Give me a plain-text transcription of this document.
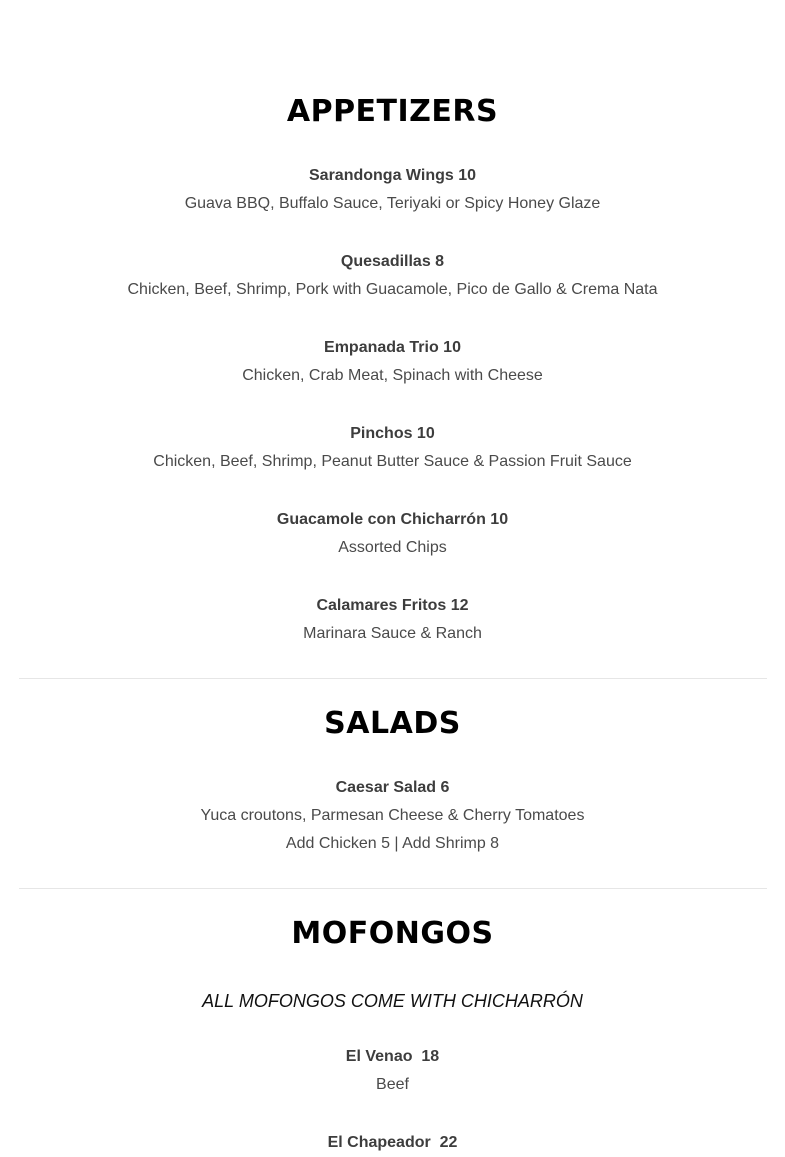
APPETIZERS
Sarandonga Wings 10
Guava BBQ, Buffalo Sauce, Teriyaki or Spicy Honey Glaze
Quesadillas 8
Chicken, Beef, Shrimp, Pork with Guacamole, Pico de Gallo & Crema Nata
Empanada Trio 10
Chicken, Crab Meat, Spinach with Cheese
Pinchos 10
Chicken, Beef, Shrimp, Peanut Butter Sauce & Passion Fruit Sauce
Guacamole con Chicharrón 10
Assorted Chips
Calamares Fritos 12
Marinara Sauce & Ranch
SALADS
Caesar Salad 6
Yuca croutons, Parmesan Cheese & Cherry Tomatoes
Add Chicken 5 | Add Shrimp 8
MOFONGOS
ALL MOFONGOS COME WITH CHICHARRÓN
El Venao  18
Beef
El Chapeador  22
